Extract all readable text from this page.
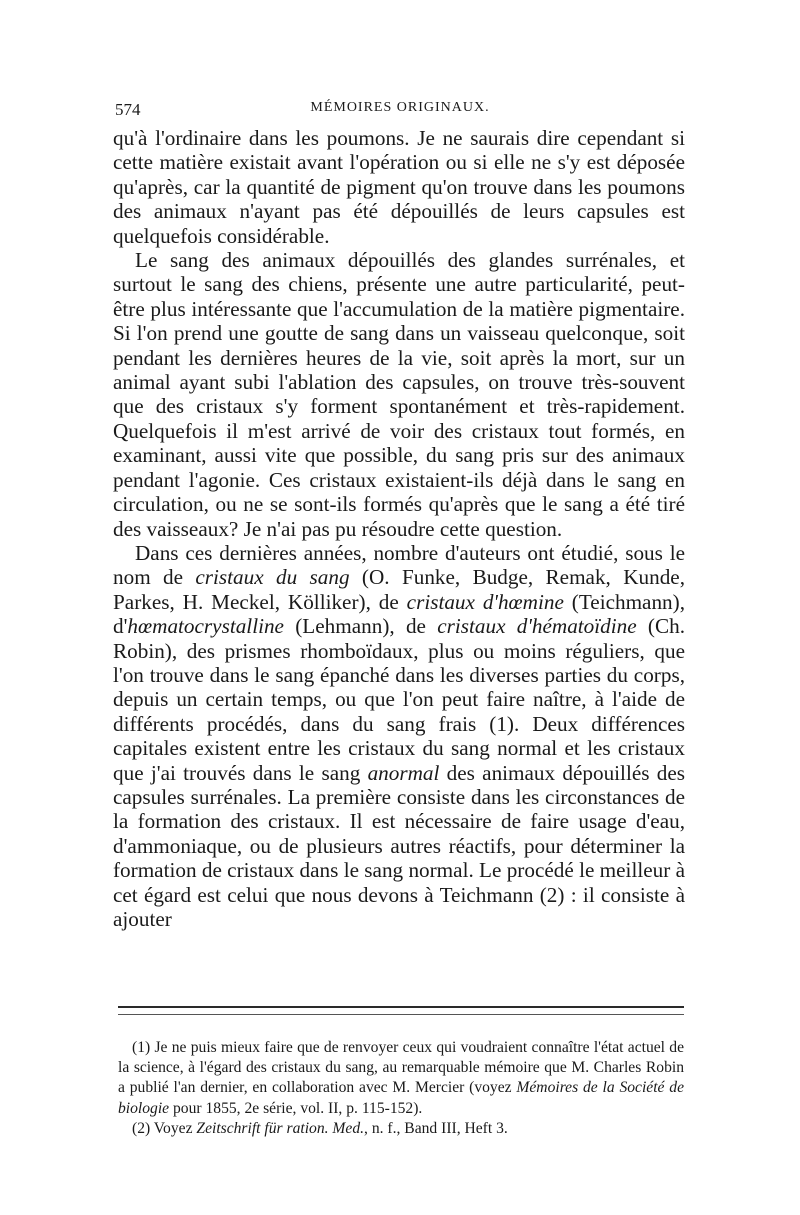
574	MÉMOIRES ORIGINAUX.

qu'à l'ordinaire dans les poumons. Je ne saurais dire cependant si cette matière existait avant l'opération ou si elle ne s'y est déposée qu'après, car la quantité de pigment qu'on trouve dans les poumons des animaux n'ayant pas été dépouillés de leurs capsules est quelquefois considérable.

Le sang des animaux dépouillés des glandes surrénales, et surtout le sang des chiens, présente une autre particularité, peut-être plus intéressante que l'accumulation de la matière pigmentaire. Si l'on prend une goutte de sang dans un vaisseau quelconque, soit pendant les dernières heures de la vie, soit après la mort, sur un animal ayant subi l'ablation des capsules, on trouve très-souvent que des cristaux s'y forment spontanément et très-rapidement. Quelquefois il m'est arrivé de voir des cristaux tout formés, en examinant, aussi vite que possible, du sang pris sur des animaux pendant l'agonie. Ces cristaux existaient-ils déjà dans le sang en circulation, ou ne se sont-ils formés qu'après que le sang a été tiré des vaisseaux? Je n'ai pas pu résoudre cette question.

Dans ces dernières années, nombre d'auteurs ont étudié, sous le nom de cristaux du sang (O. Funke, Budge, Remak, Kunde, Parkes, H. Meckel, Kölliker), de cristaux d'hœmine (Teichmann), d'hœmatocrystalline (Lehmann), de cristaux d'hématoïdine (Ch. Robin), des prismes rhomboïdaux, plus ou moins réguliers, que l'on trouve dans le sang épanché dans les diverses parties du corps, depuis un certain temps, ou que l'on peut faire naître, à l'aide de différents procédés, dans du sang frais (1). Deux différences capitales existent entre les cristaux du sang normal et les cristaux que j'ai trouvés dans le sang anormal des animaux dépouillés des capsules surrénales. La première consiste dans les circonstances de la formation des cristaux. Il est nécessaire de faire usage d'eau, d'ammoniaque, ou de plusieurs autres réactifs, pour déterminer la formation de cristaux dans le sang normal. Le procédé le meilleur à cet égard est celui que nous devons à Teichmann (2) : il consiste à ajouter

(1) Je ne puis mieux faire que de renvoyer ceux qui voudraient connaître l'état actuel de la science, à l'égard des cristaux du sang, au remarquable mémoire que M. Charles Robin a publié l'an dernier, en collaboration avec M. Mercier (voyez Mémoires de la Société de biologie pour 1855, 2e série, vol. II, p. 115-152).

(2) Voyez Zeitschrift für ration. Med., n. f., Band III, Heft 3.
